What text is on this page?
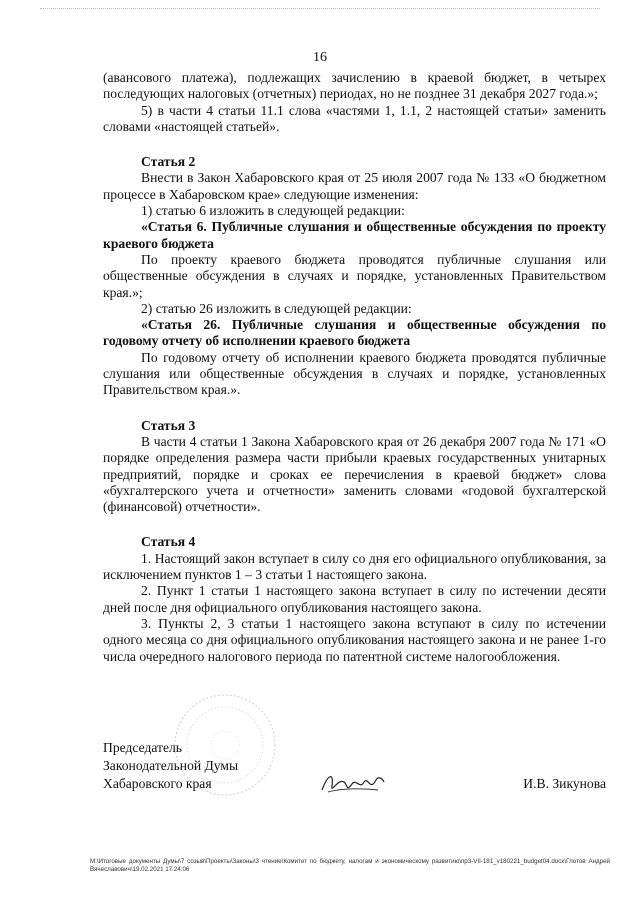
16

(авансового платежа), подлежащих зачислению в краевой бюджет, в четырех последующих налоговых (отчетных) периодах, но не позднее 31 декабря 2027 года.»;

5) в части 4 статьи 11.1 слова «частями 1, 1.1, 2 настоящей статьи» заменить словами «настоящей статьей».

Статья 2

Внести в Закон Хабаровского края от 25 июля 2007 года № 133 «О бюджетном процессе в Хабаровском крае» следующие изменения:

1) статью 6 изложить в следующей редакции:

«Статья 6. Публичные слушания и общественные обсуждения по проекту краевого бюджета

По проекту краевого бюджета проводятся публичные слушания или общественные обсуждения в случаях и порядке, установленных Правительством края.»;

2) статью 26 изложить в следующей редакции:

«Статья 26. Публичные слушания и общественные обсуждения по годовому отчету об исполнении краевого бюджета

По годовому отчету об исполнении краевого бюджета проводятся публичные слушания или общественные обсуждения в случаях и порядке, установленных Правительством края.».

Статья 3

В части 4 статьи 1 Закона Хабаровского края от 26 декабря 2007 года № 171 «О порядке определения размера части прибыли краевых государственных унитарных предприятий, порядке и сроках ее перечисления в краевой бюджет» слова «бухгалтерского учета и отчетности» заменить словами «годовой бухгалтерской (финансовой) отчетности».

Статья 4

1. Настоящий закон вступает в силу со дня его официального опубликования, за исключением пунктов 1 – 3 статьи 1 настоящего закона.

2. Пункт 1 статьи 1 настоящего закона вступает в силу по истечении десяти дней после дня официального опубликования настоящего закона.

3. Пункты 2, 3 статьи 1 настоящего закона вступают в силу по истечении одного месяца со дня официального опубликования настоящего закона и не ранее 1-го числа очередного налогового периода по патентной системе налогообложения.

Председатель
Законодательной Думы
Хабаровского края	И.В. Зикунова
M:\Итоговые документы Думы\7 созыв\Проекты\Законы\3 чтение\Комитет по бюджету, налогам и экономическому развитию\пр3-VII-181_v180221_budget04.docx\Глотов Андрей Вячеславович\19.02.2021 17:24:06
